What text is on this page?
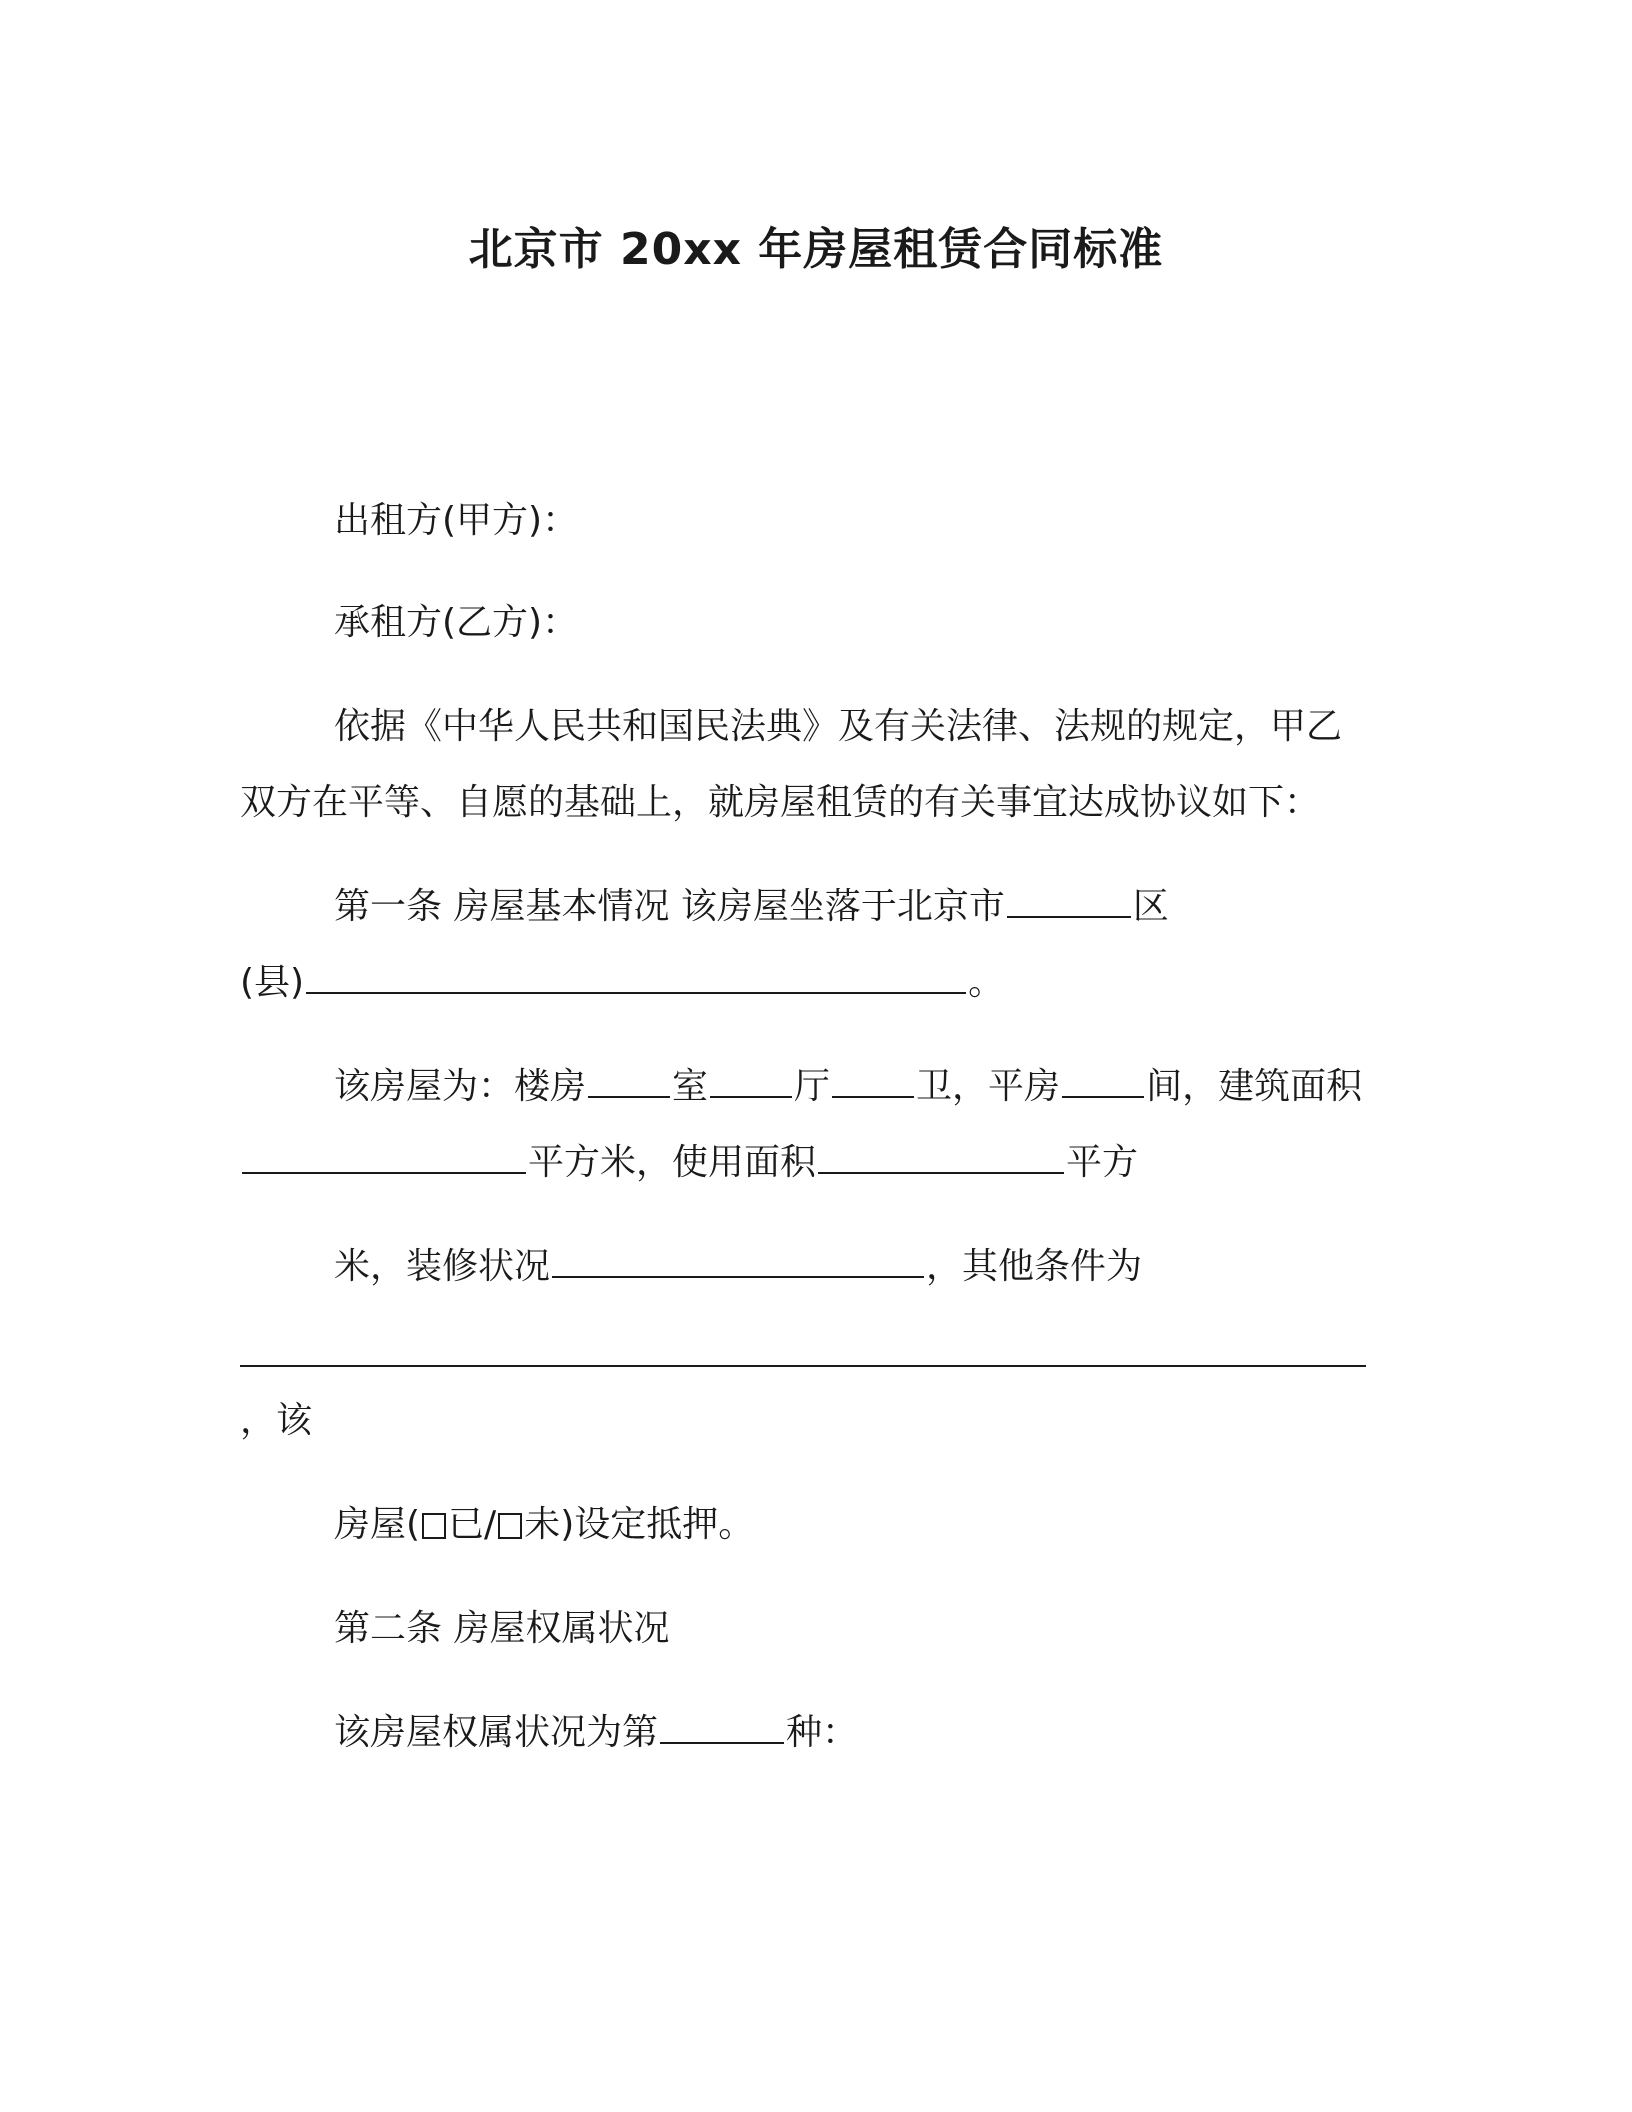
北京市 20xx 年房屋租赁合同标准
出租方(甲方)：
承租方(乙方)：
依据《中华人民共和国民法典》及有关法律、法规的规定，甲乙
双方在平等、自愿的基础上，就房屋租赁的有关事宜达成协议如下：
第一条 房屋基本情况 该房屋坐落于北京市	区
(县)	。
该房屋为：楼房 室 厅 卫，平房 间，建筑面积
平方米，使用面积	平方
米，装修状况	，其他条件为
，该
房屋( 已/ 未)设定抵押。
第二条 房屋权属状况
该房屋权属状况为第	种：
